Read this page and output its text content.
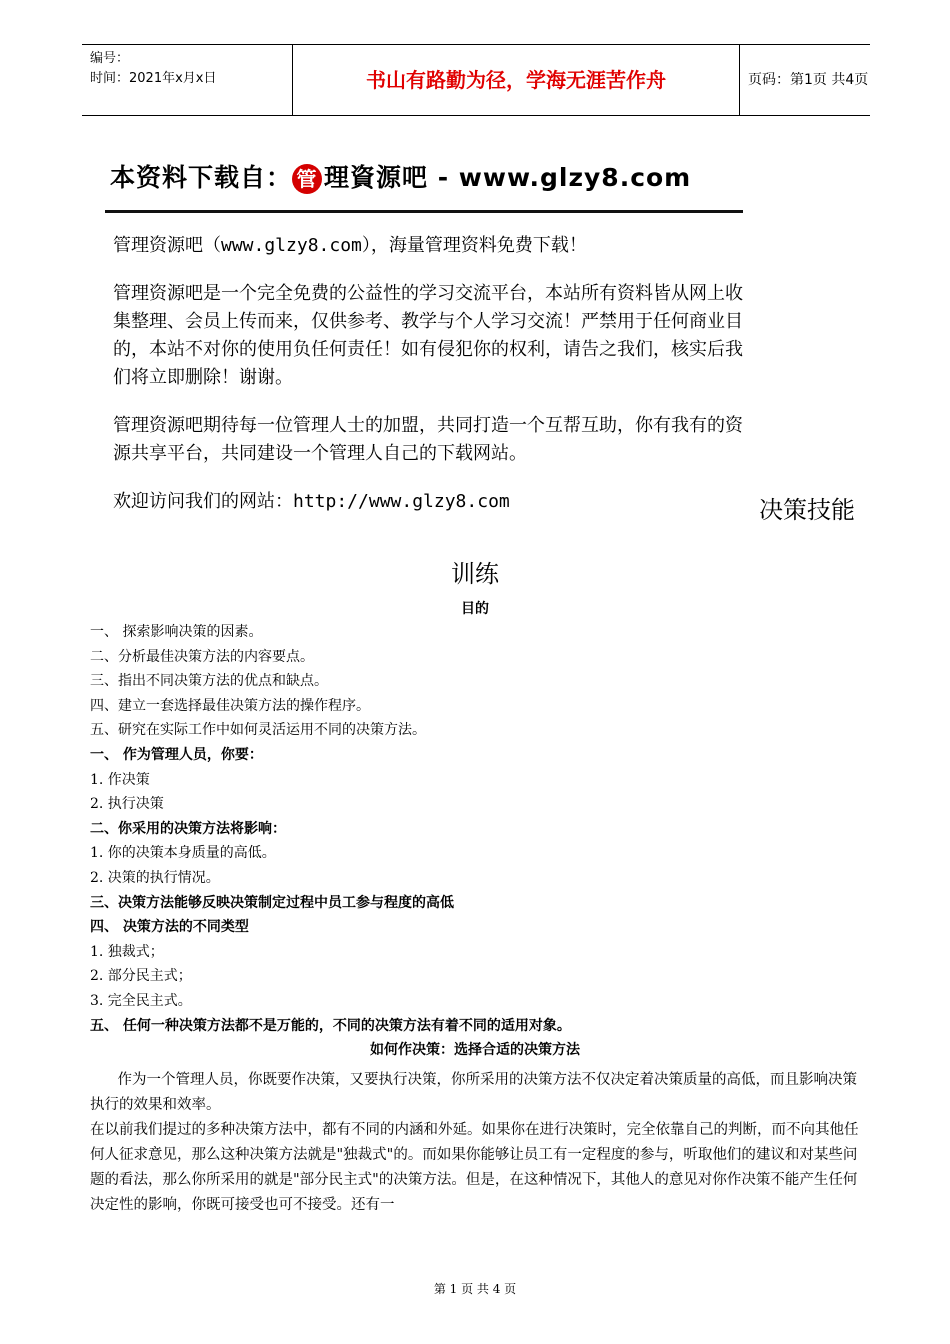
编号：
时间：2021年x月x日	书山有路勤为径，学海无涯苦作舟	页码：第1页 共4页
本资料下载自： 管 理資源吧 - www.glzy8.com

管理资源吧（www.glzy8.com），海量管理资料免费下载！

管理资源吧是一个完全免费的公益性的学习交流平台，本站所有资料皆从网上收集整理、会员上传而来，仅供参考、教学与个人学习交流！严禁用于任何商业目的，本站不对你的使用负任何责任！如有侵犯你的权利，请告之我们，核实后我们将立即删除！谢谢。

管理资源吧期待每一位管理人士的加盟，共同打造一个互帮互助，你有我有的资源共享平台，共同建设一个管理人自己的下载网站。

欢迎访问我们的网站：http://www.glzy8.com	决策技能
训练
目的
一、 探索影响决策的因素。
二、分析最佳决策方法的内容要点。
三、指出不同决策方法的优点和缺点。
四、建立一套选择最佳决策方法的操作程序。
五、研究在实际工作中如何灵活运用不同的决策方法。
一、 作为管理人员，你要：
1. 作决策
2. 执行决策
二、你采用的决策方法将影响：
1. 你的决策本身质量的高低。
2. 决策的执行情况。
三、决策方法能够反映决策制定过程中员工参与程度的高低
四、 决策方法的不同类型
1. 独裁式；
2. 部分民主式；
3. 完全民主式。
五、 任何一种决策方法都不是万能的，不同的决策方法有着不同的适用对象。
如何作决策：选择合适的决策方法
作为一个管理人员，你既要作决策，又要执行决策，你所采用的决策方法不仅决定着决策质量的高低，而且影响决策执行的效果和效率。
在以前我们提过的多种决策方法中，都有不同的内涵和外延。如果你在进行决策时，完全依靠自己的判断，而不向其他任何人征求意见，那么这种决策方法就是"独裁式"的。而如果你能够让员工有一定程度的参与，听取他们的建议和对某些问题的看法，那么你所采用的就是"部分民主式"的决策方法。但是，在这种情况下，其他人的意见对你作决策不能产生任何决定性的影响，你既可接受也可不接受。还有一
第 1 页 共 4 页
